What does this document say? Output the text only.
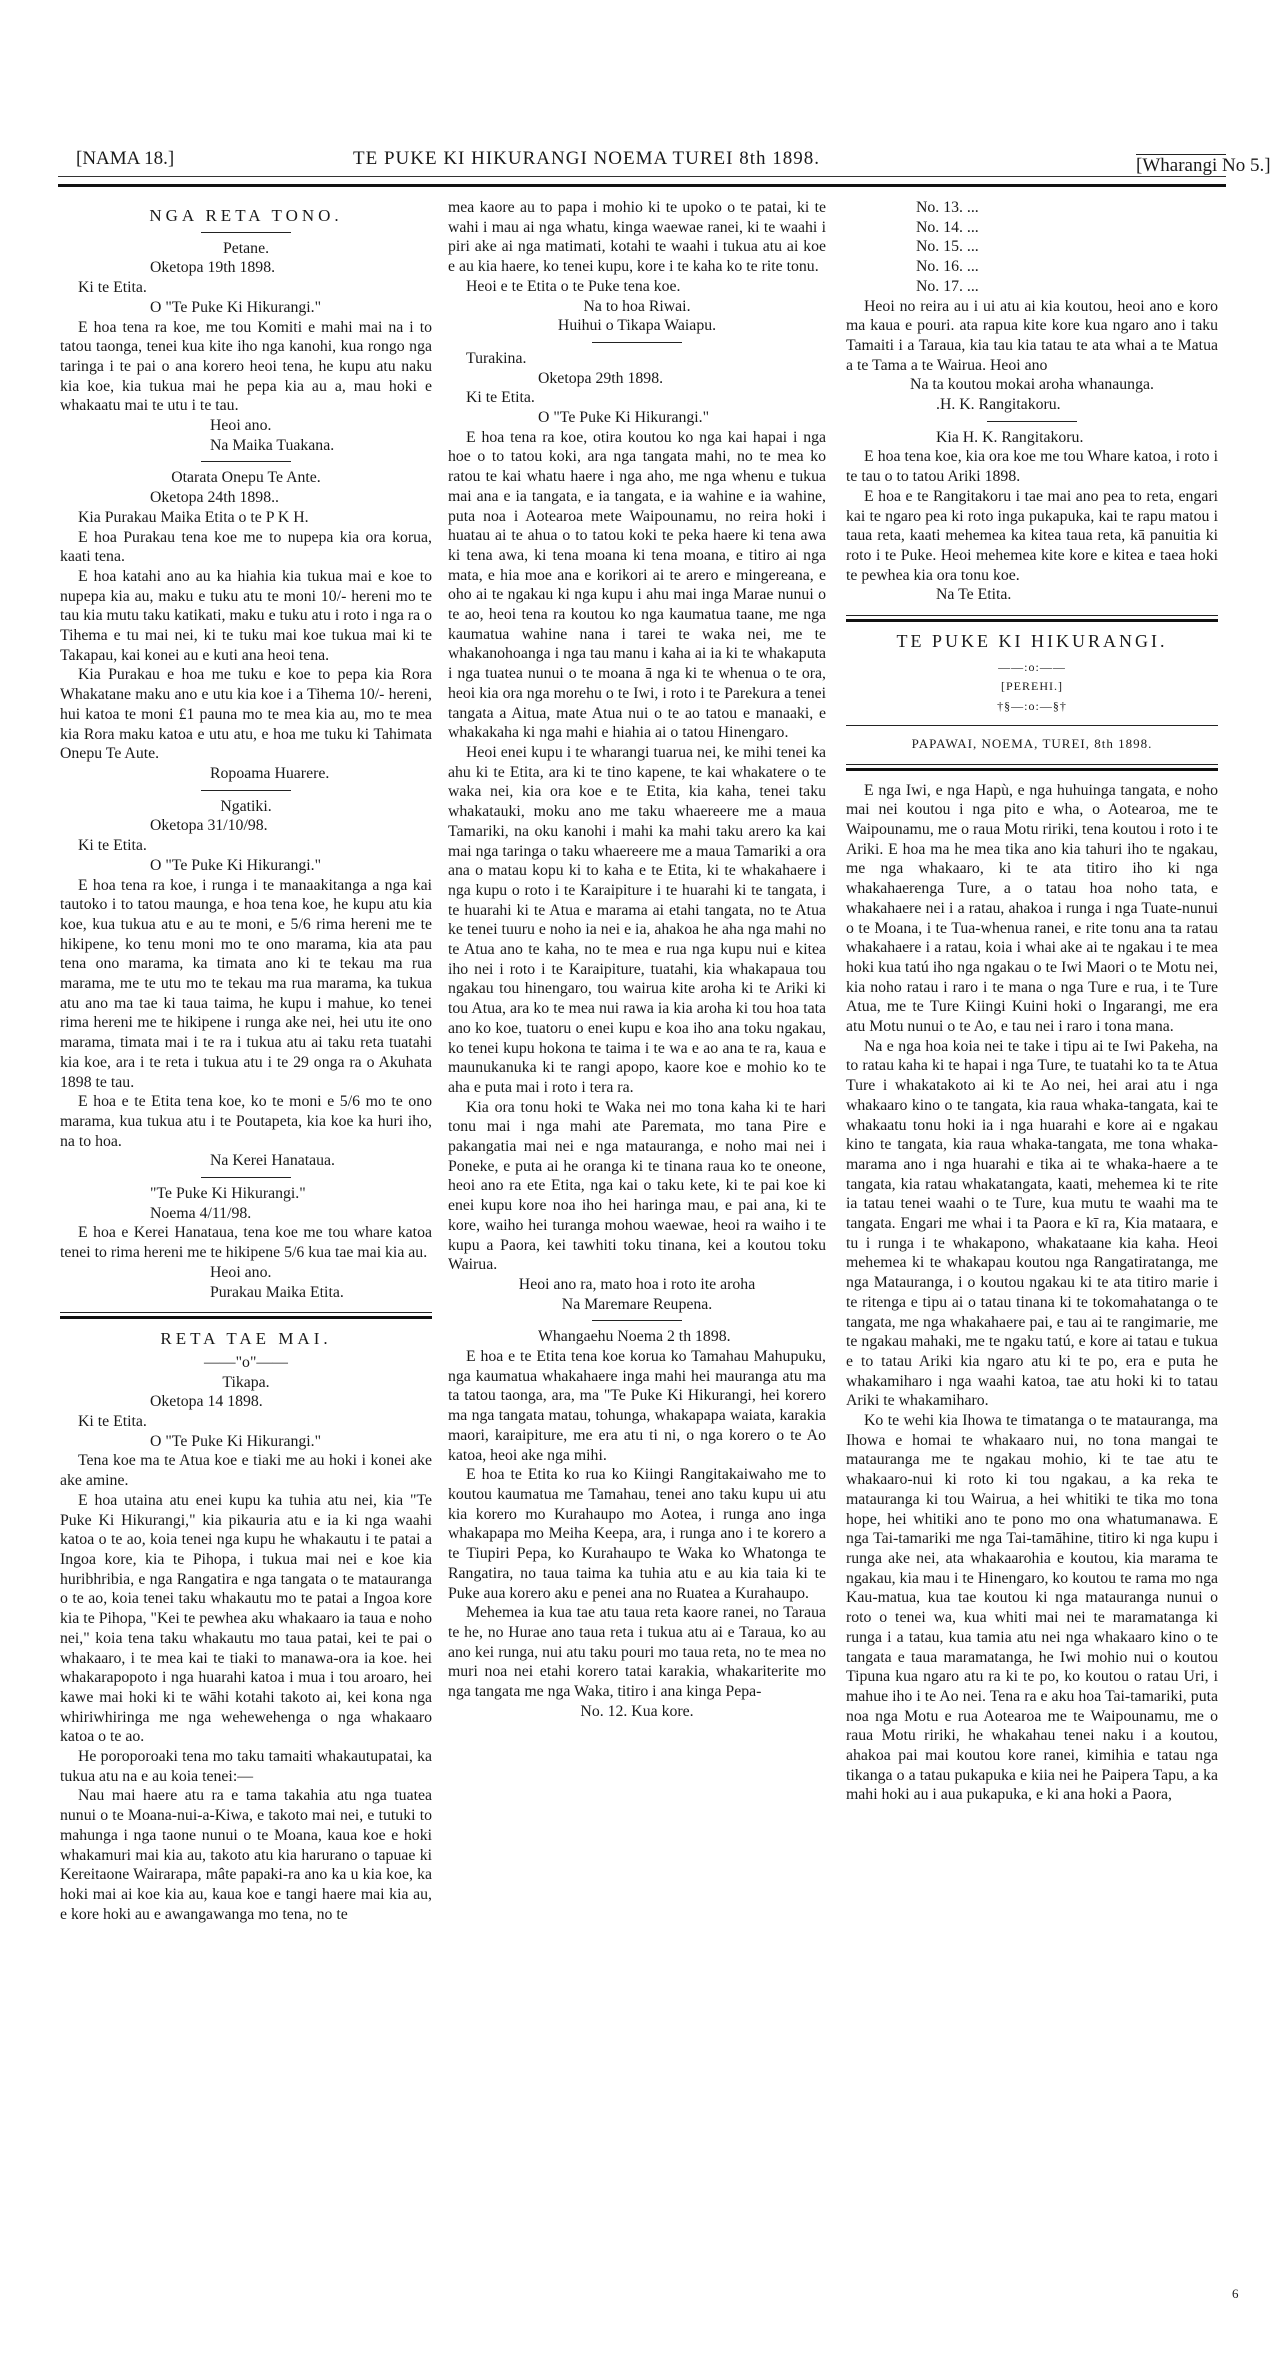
[NAMA 18.]	TE PUKE KI HIKURANGI NOEMA TUREI 8th 1898.	[Wharangi No 5.]
NGA RETA TONO.
Petane.
Oketopa 19th 1898.
Ki te Etita.
O "Te Puke Ki Hikurangi."
E hoa tena ra koe, me tou Komiti e mahi mai na i to tatou taonga, tenei kua kite iho nga kanohi, kua rongo nga taringa i te pai o ana korero heoi tena, he kupu atu naku kia koe, kia tukua mai he pepa kia au a, mau hoki e whakaatu mai te utu i te tau.
Heoi ano.
Na Maika Tuakana.
Otarata Onepu Te Ante.
Oketopa 24th 1898..
Kia Purakau Maika Etita o te P K H.
E hoa Purakau tena koe me to nupepa kia ora korua, kaati tena.
E hoa katahi ano au ka hiahia kia tukua mai e koe to nupepa kia au, maku e tuku atu te moni 10/- hereni mo te tau kia mutu taku katikati, maku e tuku atu i roto i nga ra o Tihema e tu mai nei, ki te tuku mai koe tukua mai ki te Takapau, kai konei au e kuti ana heoi tena.
Kia Purakau e hoa me tuku e koe to pepa kia Rora Whakatane maku ano e utu kia koe i a Tihema 10/- hereni, hui katoa te moni £1 pauna mo te mea kia au, mo te mea kia Rora maku katoa e utu atu, e hoa me tuku ki Tahimata Onepu Te Aute.
Ropoama Huarere.
Ngatiki.
Oketopa 31/10/98.
Ki te Etita.
O "Te Puke Ki Hikurangi."
E hoa tena ra koe, i runga i te manaakitanga a nga kai tautoko i to tatou maunga, e hoa tena koe, he kupu atu kia koe, kua tukua atu e au te moni, e 5/6 rima hereni me te hikipene, ko tenu moni mo te ono marama, kia ata pau tena ono marama, ka timata ano ki te tekau ma rua marama, me te utu mo te tekau ma rua marama, ka tukua atu ano ma tae ki taua taima, he kupu i mahue, ko tenei rima hereni me te hikipene i runga ake nei, hei utu ite ono marama, timata mai i te ra i tukua atu ai taku reta tuatahi kia koe, ara i te reta i tukua atu i te 29 onga ra o Akuhata 1898 te tau.
E hoa e te Etita tena koe, ko te moni e 5/6 mo te ono marama, kua tukua atu i te Poutapeta, kia koe ka huri iho, na to hoa.
Na Kerei Hanataua.
"Te Puke Ki Hikurangi."
Noema 4/11/98.
E hoa e Kerei Hanataua, tena koe me tou whare katoa tenei to rima hereni me te hikipene 5/6 kua tae mai kia au.
Heoi ano.
Purakau Maika Etita.
RETA TAE MAI.
——"o"——
Tikapa.
Oketopa 14 1898.
Ki te Etita.
O "Te Puke Ki Hikurangi."
Tena koe ma te Atua koe e tiaki me au hoki i konei ake ake amine.
E hoa utaina atu enei kupu ka tuhia atu nei, kia "Te Puke Ki Hikurangi," kia pikauria atu e ia ki nga waahi katoa o te ao, koia tenei nga kupu he whakautu i te patai a Ingoa kore, kia te Pihopa, i tukua mai nei e koe kia huribhribia, e nga Rangatira e nga tangata o te matauranga o te ao, koia tenei taku whakautu mo te patai a Ingoa kore kia te Pihopa, "Kei te pewhea aku whakaaro ia taua e noho nei," koia tena taku whakautu mo taua patai, kei te pai o whakaaro, i te mea kai te tiaki to manawa-ora ia koe. hei whakarapopoto i nga huarahi katoa i mua i tou aroaro, hei kawe mai hoki ki te wāhi kotahi takoto ai, kei kona nga whiriwhiringa me nga wehewehenga o nga whakaaro katoa o te ao.
He poroporoaki tena mo taku tamaiti whakautupatai, ka tukua atu na e au koia tenei:—
Nau mai haere atu ra e tama takahia atu nga tuatea nunui o te Moana-nui-a-Kiwa, e takoto mai nei, e tutuki to mahunga i nga taone nunui o te Moana, kaua koe e hoki whakamuri mai kia au, takoto atu kia harurano o tapuae ki Kereitaone Wairarapa, mâte papaki-ra ano ka u kia koe, ka hoki mai ai koe kia au, kaua koe e tangi haere mai kia au, e kore hoki au e awangawanga mo tena, no te
mea kaore au to papa i mohio ki te upoko o te patai, ki te wahi i mau ai nga whatu, kinga waewae ranei, ki te waahi i piri ake ai nga matimati, kotahi te waahi i tukua atu ai koe e au kia haere, ko tenei kupu, kore i te kaha ko te rite tonu.
Heoi e te Etita o te Puke tena koe.
Na to hoa Riwai.
Huihui o Tikapa Waiapu.
Turakina.
Oketopa 29th 1898.
Ki te Etita.
O "Te Puke Ki Hikurangi."
E hoa tena ra koe, otira koutou ko nga kai hapai i nga hoe o to tatou koki, ara nga tangata mahi, no te mea ko ratou te kai whatu haere i nga aho, me nga whenu e tukua mai ana e ia tangata, e ia tangata, e ia wahine e ia wahine, puta noa i Aotearoa mete Waipounamu, no reira hoki i huatau ai te ahua o to tatou koki te peka haere ki tena awa ki tena awa, ki tena moana ki tena moana, e titiro ai nga mata, e hia moe ana e korikori ai te arero e mingereana, e oho ai te ngakau ki nga kupu i ahu mai inga Marae nunui o te ao, heoi tena ra koutou ko nga kaumatua taane, me nga kaumatua wahine nana i tarei te waka nei, me te whakanohoanga i nga tau manu i kaha ai ia ki te whakaputa i nga tuatea nunui o te moana ā nga ki te whenua o te ora, heoi kia ora nga morehu o te Iwi, i roto i te Parekura a tenei tangata a Aitua, mate Atua nui o te ao tatou e manaaki, e whakakaha ki nga mahi e hiahia ai o tatou Hinengaro.
Heoi enei kupu i te wharangi tuarua nei, ke mihi tenei ka ahu ki te Etita, ara ki te tino kapene, te kai whakatere o te waka nei, kia ora koe e te Etita, kia kaha, tenei taku whakatauki, moku ano me taku whaereere me a maua Tamariki, na oku kanohi i mahi ka mahi taku arero ka kai mai nga taringa o taku whaereere me a maua Tamariki a ora ana o matau kopu ki to kaha e te Etita, ki te whakahaere i nga kupu o roto i te Karaipiture i te huarahi ki te tangata, i te huarahi ki te Atua e marama ai etahi tangata, no te Atua ke tenei tuuru e noho ia nei e ia, ahakoa he aha nga mahi no te Atua ano te kaha, no te mea e rua nga kupu nui e kitea iho nei i roto i te Karaipiture, tuatahi, kia whakapaua tou ngakau tou hinengaro, tou wairua kite aroha ki te Ariki ki tou Atua, ara ko te mea nui rawa ia kia aroha ki tou hoa tata ano ko koe, tuatoru o enei kupu e koa iho ana toku ngakau, ko tenei kupu hokona te taima i te wa e ao ana te ra, kaua e maunukanuka ki te rangi apopo, kaore koe e mohio ko te aha e puta mai i roto i tera ra.
Kia ora tonu hoki te Waka nei mo tona kaha ki te hari tonu mai i nga mahi ate Paremata, mo tana Pire e pakangatia mai nei e nga matauranga, e noho mai nei i Poneke, e puta ai he oranga ki te tinana raua ko te oneone, heoi ano ra ete Etita, nga kai o taku kete, ki te pai koe ki enei kupu kore noa iho hei haringa mau, e pai ana, ki te kore, waiho hei turanga mohou waewae, heoi ra waiho i te kupu a Paora, kei tawhiti toku tinana, kei a koutou toku Wairua.
Heoi ano ra, mato hoa i roto ite aroha
Na Maremare Reupena.
Whangaehu Noema 2 th 1898.
E hoa e te Etita tena koe korua ko Tamahau Mahupuku, nga kaumatua whakahaere inga mahi hei mauranga atu ma ta tatou taonga, ara, ma "Te Puke Ki Hikurangi, hei korero ma nga tangata matau, tohunga, whakapapa waiata, karakia maori, karaipiture, me era atu ti ni, o nga korero o te Ao katoa, heoi ake nga mihi.
E hoa te Etita ko rua ko Kiingi Rangitakaiwaho me to koutou kaumatua me Tamahau, tenei ano taku kupu ui atu kia korero mo Kurahaupo mo Aotea, i runga ano inga whakapapa mo Meiha Keepa, ara, i runga ano i te korero a te Tiupiri Pepa, ko Kurahaupo te Waka ko Whatonga te Rangatira, no taua taima ka tuhia atu e au kia taia ki te Puke aua korero aku e penei ana no Ruatea a Kurahaupo.
Mehemea ia kua tae atu taua reta kaore ranei, no Taraua te he, no Hurae ano taua reta i tukua atu ai e Taraua, ko au ano kei runga, nui atu taku pouri mo taua reta, no te mea no muri noa nei etahi korero tatai karakia, whakariterite mo nga tangata me nga Waka, titiro i ana kinga Pepa-
No. 12. Kua kore.
No. 13. ...
No. 14. ...
No. 15. ...
No. 16. ...
No. 17. ...
Heoi no reira au i ui atu ai kia koutou, heoi ano e koro ma kaua e pouri. ata rapua kite kore kua ngaro ano i taku Tamaiti i a Taraua, kia tau kia tatau te ata whai a te Matua a te Tama a te Wairua. Heoi ano
Na ta koutou mokai aroha whanaunga.
.H. K. Rangitakoru.
Kia H. K. Rangitakoru.
E hoa tena koe, kia ora koe me tou Whare katoa, i roto i te tau o to tatou Ariki 1898.
E hoa e te Rangitakoru i tae mai ano pea to reta, engari kai te ngaro pea ki roto inga pukapuka, kai te rapu matou i taua reta, kaati mehemea ka kitea taua reta, kā panuitia ki roto i te Puke. Heoi mehemea kite kore e kitea e taea hoki te pewhea kia ora tonu koe.
Na Te Etita.
TE PUKE KI HIKURANGI.
——:o:——
[PEREHI.]
†§—:o:—§†
PAPAWAI, NOEMA, TUREI, 8th 1898.
E nga Iwi, e nga Hapù, e nga huhuinga tangata, e noho mai nei koutou i nga pito e wha, o Aotearoa, me te Waipounamu, me o raua Motu ririki, tena koutou i roto i te Ariki. E hoa ma he mea tika ano kia tahuri iho te ngakau, me nga whakaaro, ki te ata titiro iho ki nga whakahaerenga Ture, a o tatau hoa noho tata, e whakahaere nei i a ratau, ahakoa i runga i nga Tuate-nunui o te Moana, i te Tua-whenua ranei, e rite tonu ana ta ratau whakahaere i a ratau, koia i whai ake ai te ngakau i te mea hoki kua tatú iho nga ngakau o te Iwi Maori o te Motu nei, kia noho ratau i raro i te mana o nga Ture e rua, i te Ture Atua, me te Ture Kiingi Kuini hoki o Ingarangi, me era atu Motu nunui o te Ao, e tau nei i raro i tona mana.
Na e nga hoa koia nei te take i tipu ai te Iwi Pakeha, na to ratau kaha ki te hapai i nga Ture, te tuatahi ko ta te Atua Ture i whakatakoto ai ki te Ao nei, hei arai atu i nga whakaaro kino o te tangata, kia raua whaka-tangata, kai te whakaatu tonu hoki ia i nga huarahi e kore ai e ngakau kino te tangata, kia raua whaka-tangata, me tona whaka-marama ano i nga huarahi e tika ai te whaka-haere a te tangata, kia ratau whakatangata, kaati, mehemea ki te rite ia tatau tenei waahi o te Ture, kua mutu te waahi ma te tangata. Engari me whai i ta Paora e kī ra, Kia mataara, e tu i runga i te whakapono, whakataane kia kaha. Heoi mehemea ki te whakapau koutou nga Rangatiratanga, me nga Matauranga, i o koutou ngakau ki te ata titiro marie i te ritenga e tipu ai o tatau tinana ki te tokomahatanga o te tangata, me nga whakahaere pai, e tau ai te rangimarie, me te ngakau mahaki, me te ngaku tatú, e kore ai tatau e tukua e to tatau Ariki kia ngaro atu ki te po, era e puta he whakamiharo i nga waahi katoa, tae atu hoki ki to tatau Ariki te whakamiharo.
Ko te wehi kia Ihowa te timatanga o te matauranga, ma Ihowa e homai te whakaaro nui, no tona mangai te matauranga me te ngakau mohio, ki te tae atu te whakaaro-nui ki roto ki tou ngakau, a ka reka te matauranga ki tou Wairua, a hei whitiki te tika mo tona hope, hei whitiki ano te pono mo ona whatumanawa. E nga Tai-tamariki me nga Tai-tamāhine, titiro ki nga kupu i runga ake nei, ata whakaarohia e koutou, kia marama te ngakau, kia mau i te Hinengaro, ko koutou te rama mo nga Kau-matua, kua tae koutou ki nga matauranga nunui o roto o tenei wa, kua whiti mai nei te maramatanga ki runga i a tatau, kua tamia atu nei nga whakaaro kino o te tangata e taua maramatanga, he Iwi mohio nui o koutou Tipuna kua ngaro atu ra ki te po, ko koutou o ratau Uri, i mahue iho i te Ao nei. Tena ra e aku hoa Tai-tamariki, puta noa nga Motu e rua Aotearoa me te Waipounamu, me o raua Motu ririki, he whakahau tenei naku i a koutou, ahakoa pai mai koutou kore ranei, kimihia e tatau nga tikanga o a tatau pukapuka e kiia nei he Paipera Tapu, a ka mahi hoki au i aua pukapuka, e ki ana hoki a Paora,
6
